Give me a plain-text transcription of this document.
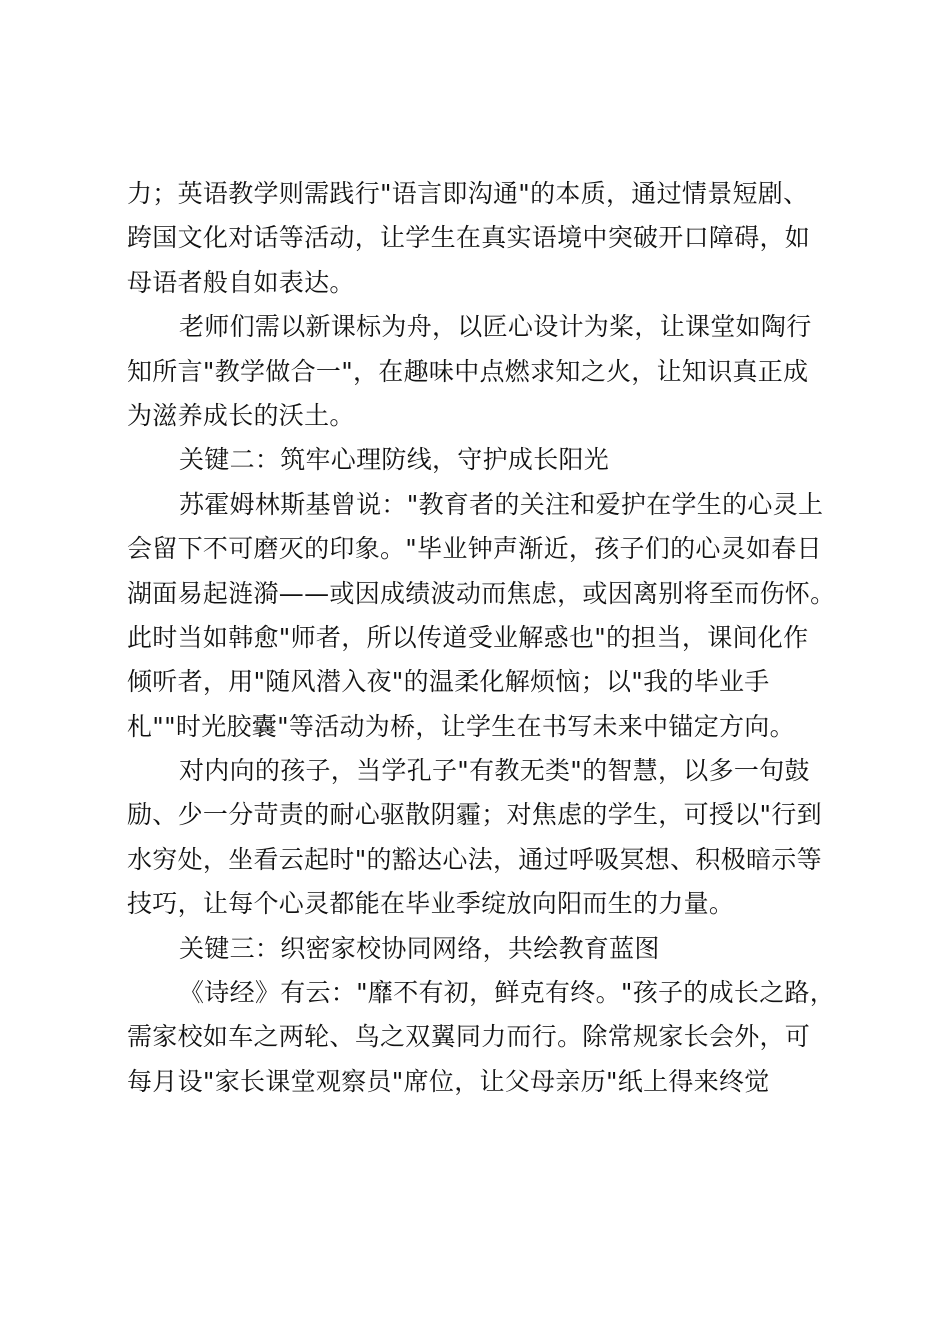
力；英语教学则需践行"语言即沟通"的本质，通过情景短剧、
跨国文化对话等活动，让学生在真实语境中突破开口障碍，如
母语者般自如表达。
老师们需以新课标为舟，以匠心设计为桨，让课堂如陶行
知所言"教学做合一"，在趣味中点燃求知之火，让知识真正成
为滋养成长的沃土。
关键二：筑牢心理防线，守护成长阳光
苏霍姆林斯基曾说："教育者的关注和爱护在学生的心灵上
会留下不可磨灭的印象。"毕业钟声渐近，孩子们的心灵如春日
湖面易起涟漪——或因成绩波动而焦虑，或因离别将至而伤怀。
此时当如韩愈"师者，所以传道受业解惑也"的担当，课间化作
倾听者，用"随风潜入夜"的温柔化解烦恼；以"我的毕业手
札""时光胶囊"等活动为桥，让学生在书写未来中锚定方向。
对内向的孩子，当学孔子"有教无类"的智慧，以多一句鼓
励、少一分苛责的耐心驱散阴霾；对焦虑的学生，可授以"行到
水穷处，坐看云起时"的豁达心法，通过呼吸冥想、积极暗示等
技巧，让每个心灵都能在毕业季绽放向阳而生的力量。
关键三：织密家校协同网络，共绘教育蓝图
《诗经》有云："靡不有初，鲜克有终。"孩子的成长之路，
需家校如车之两轮、鸟之双翼同力而行。除常规家长会外，可
每月设"家长课堂观察员"席位，让父母亲历"纸上得来终觉
